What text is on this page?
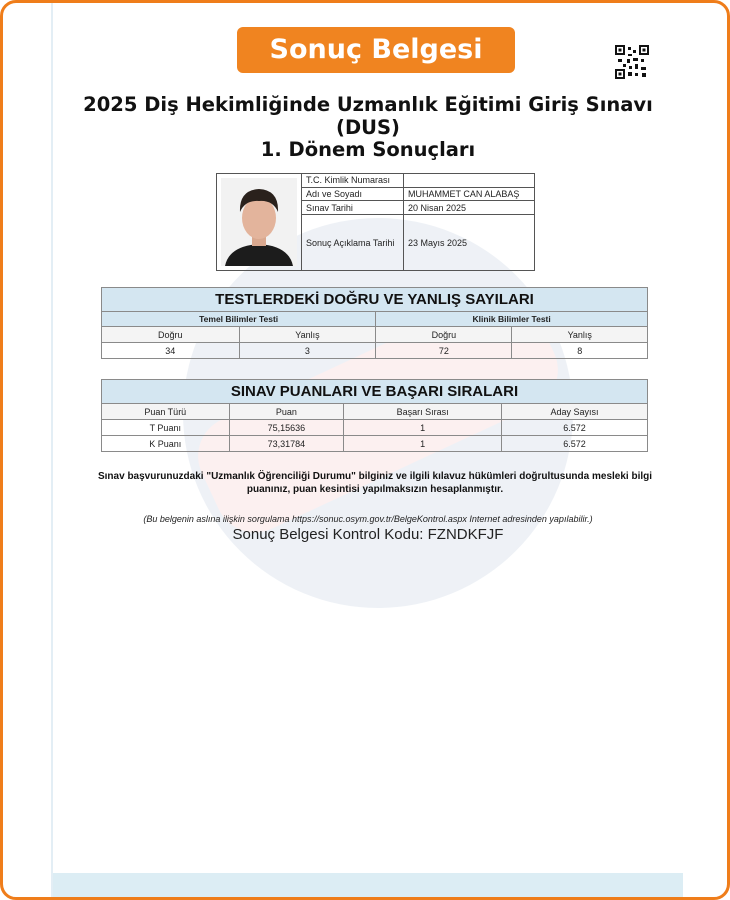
Sonuç Belgesi
2025 Diş Hekimliğinde Uzmanlık Eğitimi Giriş Sınavı
(DUS)
1. Dönem Sonuçları
	T.C. Kimlik Numarası	
	Adı ve Soyadı	MUHAMMET CAN ALABAŞ
	Sınav Tarihi	20 Nisan 2025
	Sonuç Açıklama Tarihi	23 Mayıs 2025
TESTLERDEKİ DOĞRU VE YANLIŞ SAYILARI			
Temel Bilimler Testi		Klinik Bilimler Testi	
Doğru	Yanlış	Doğru	Yanlış
34	3	72	8
SINAV PUANLARI VE BAŞARI SIRALARI			
Puan Türü	Puan	Başarı Sırası	Aday Sayısı
T Puanı	75,15636	1	6.572
K Puanı	73,31784	1	6.572
Sınav başvurunuzdaki "Uzmanlık Öğrenciliği Durumu" bilginiz ve ilgili kılavuz hükümleri doğrultusunda mesleki bilgi puanınız, puan kesintisi yapılmaksızın hesaplanmıştır.
(Bu belgenin aslına ilişkin sorgulama https://sonuc.osym.gov.tr/BelgeKontrol.aspx Internet adresinden yapılabilir.)
Sonuç Belgesi Kontrol Kodu: FZNDKFJF
